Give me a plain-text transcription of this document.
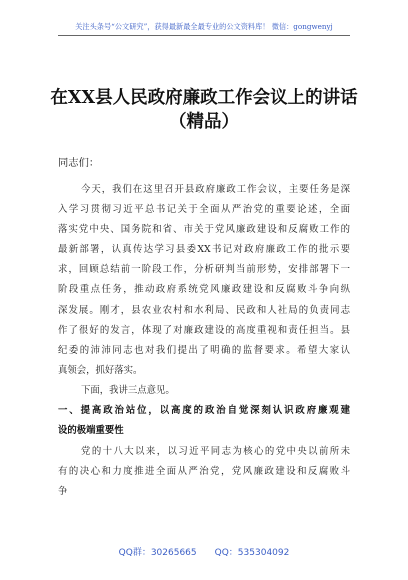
关注头条号“公文研究”，获得最新最全最专业的公文资料库！ 微信：gongwenyj
在XX县人民政府廉政工作会议上的讲话
（精品）
同志们：
今天，我们在这里召开县政府廉政工作会议，主要任务是深
入学习贯彻习近平总书记关于全面从严治党的重要论述，全面
落实党中央、国务院和省、市关于党风廉政建设和反腐败工作的
最新部署，认真传达学习县委XX书记对政府廉政工作的批示要
求，回顾总结前一阶段工作，分析研判当前形势，安排部署下一
阶段重点任务，推动政府系统党风廉政建设和反腐败斗争向纵
深发展。刚才，县农业农村和水利局、民政和人社局的负责同志
作了很好的发言，体现了对廉政建设的高度重视和责任担当。县
纪委的沛沛同志也对我们提出了明确的监督要求。希望大家认
真领会，抓好落实。
下面，我讲三点意见。
一、提高政治站位，以高度的政治自觉深刻认识政府廉观建
设的极端重要性
党的十八大以来，以习近平同志为核心的党中央以前所未
有的决心和力度推进全面从严治党，党风廉政建设和反腐败斗
争
QQ群：30265665 QQ：535304092
